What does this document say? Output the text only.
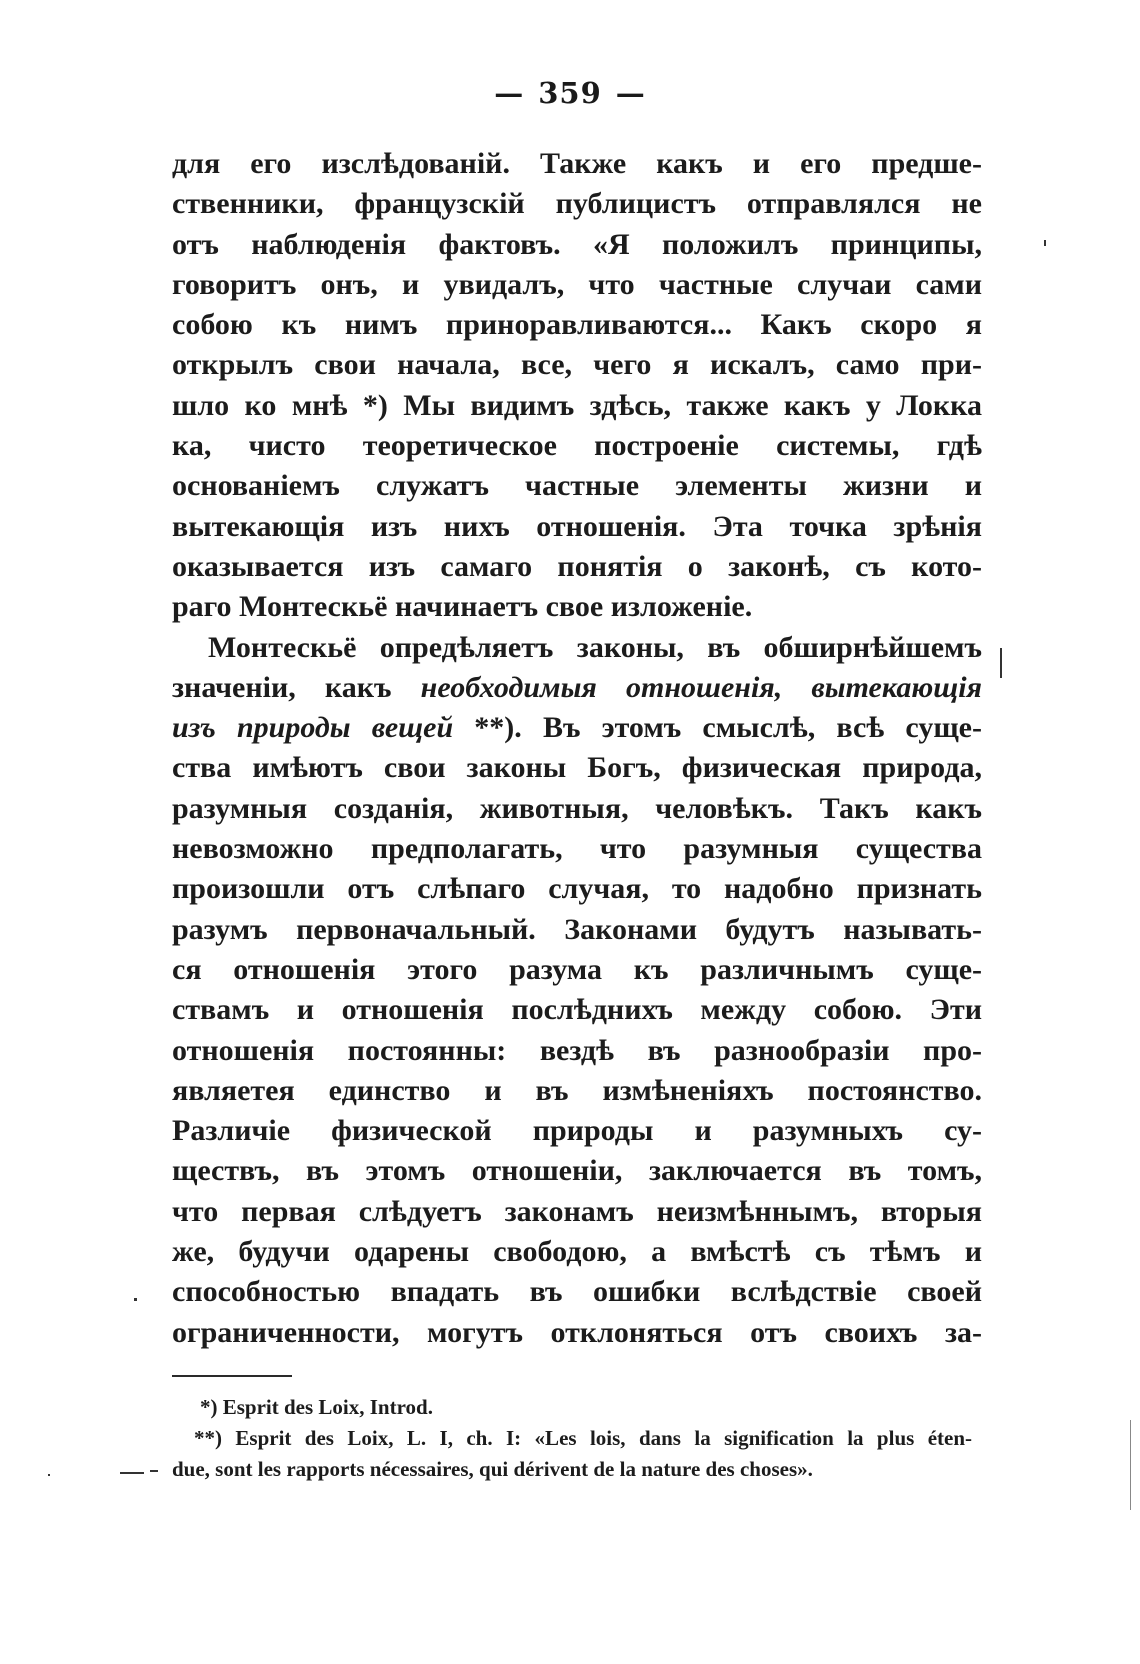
— 359 —
для его изслѣдованій. Также какъ и его предше-
ственники, французскій публицистъ отправлялся не
отъ наблюденія фактовъ. «Я положилъ принципы,
говоритъ онъ, и увидалъ, что частные случаи сами
собою къ нимъ приноравливаются... Какъ скоро я
открылъ свои начала, все, чего я искалъ, само при-
шло ко мнѣ *) Мы видимъ здѣсь, также какъ у Локка
ка, чисто теоретическое построеніе системы, гдѣ
основаніемъ служатъ частные элементы жизни и
вытекающія изъ нихъ отношенія. Эта точка зрѣнія
оказывается изъ самаго понятія о законѣ, съ кото-
раго Монтескьё начинаетъ свое изложеніе.
Монтескьё опредѣляетъ законы, въ обширнѣйшемъ
значеніи, какъ необходимыя отношенія, вытекающія
изъ природы вещей **). Въ этомъ смыслѣ, всѣ суще-
ства имѣютъ свои законы Богъ, физическая природа,
разумныя созданія, животныя, человѣкъ. Такъ какъ
невозможно предполагать, что разумныя существа
произошли отъ слѣпаго случая, то надобно признать
разумъ первоначальный. Законами будутъ называть-
ся отношенія этого разума къ различнымъ суще-
ствамъ и отношенія послѣднихъ между собою. Эти
отношенія постоянны: вездѣ въ разнообразіи про-
являетея единство и въ измѣненіяхъ постоянство.
Различіе физической природы и разумныхъ су-
ществъ, въ этомъ отношеніи, заключается въ томъ,
что первая слѣдуетъ законамъ неизмѣннымъ, вторыя
же, будучи одарены свободою, а вмѣстѣ съ тѣмъ и
способностью впадать въ ошибки вслѣдствіе своей
ограниченности, могутъ отклоняться отъ своихъ за-
*) Esprit des Loix, Introd.
**) Esprit des Loix, L. I, ch. I: «Les lois, dans la signification la plus éten-
due, sont les rapports nécessaires, qui dérivent de la nature des choses».
